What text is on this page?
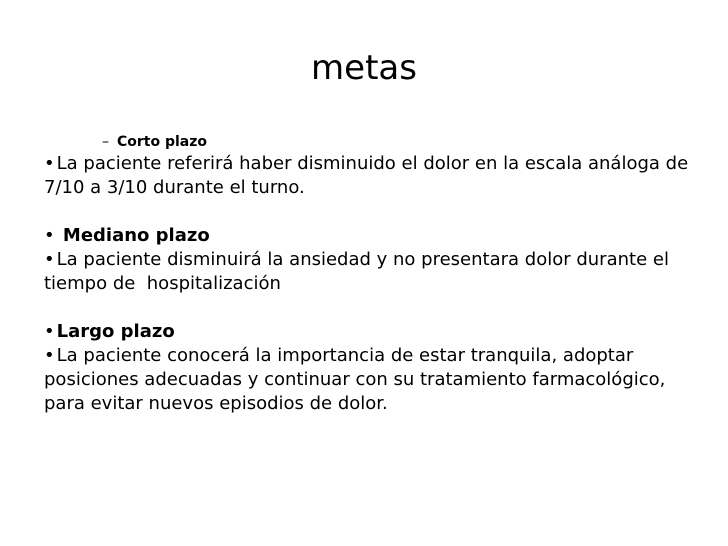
metas
– Corto plazo

• La paciente referirá haber disminuido el dolor en la escala análoga de 7/10 a 3/10 durante el turno.

• Mediano plazo

• La paciente disminuirá la ansiedad y no presentara dolor durante el tiempo de  hospitalización

• Largo plazo

• La paciente conocerá la importancia de estar tranquila, adoptar posiciones adecuadas y continuar con su tratamiento farmacológico, para evitar nuevos episodios de dolor.
